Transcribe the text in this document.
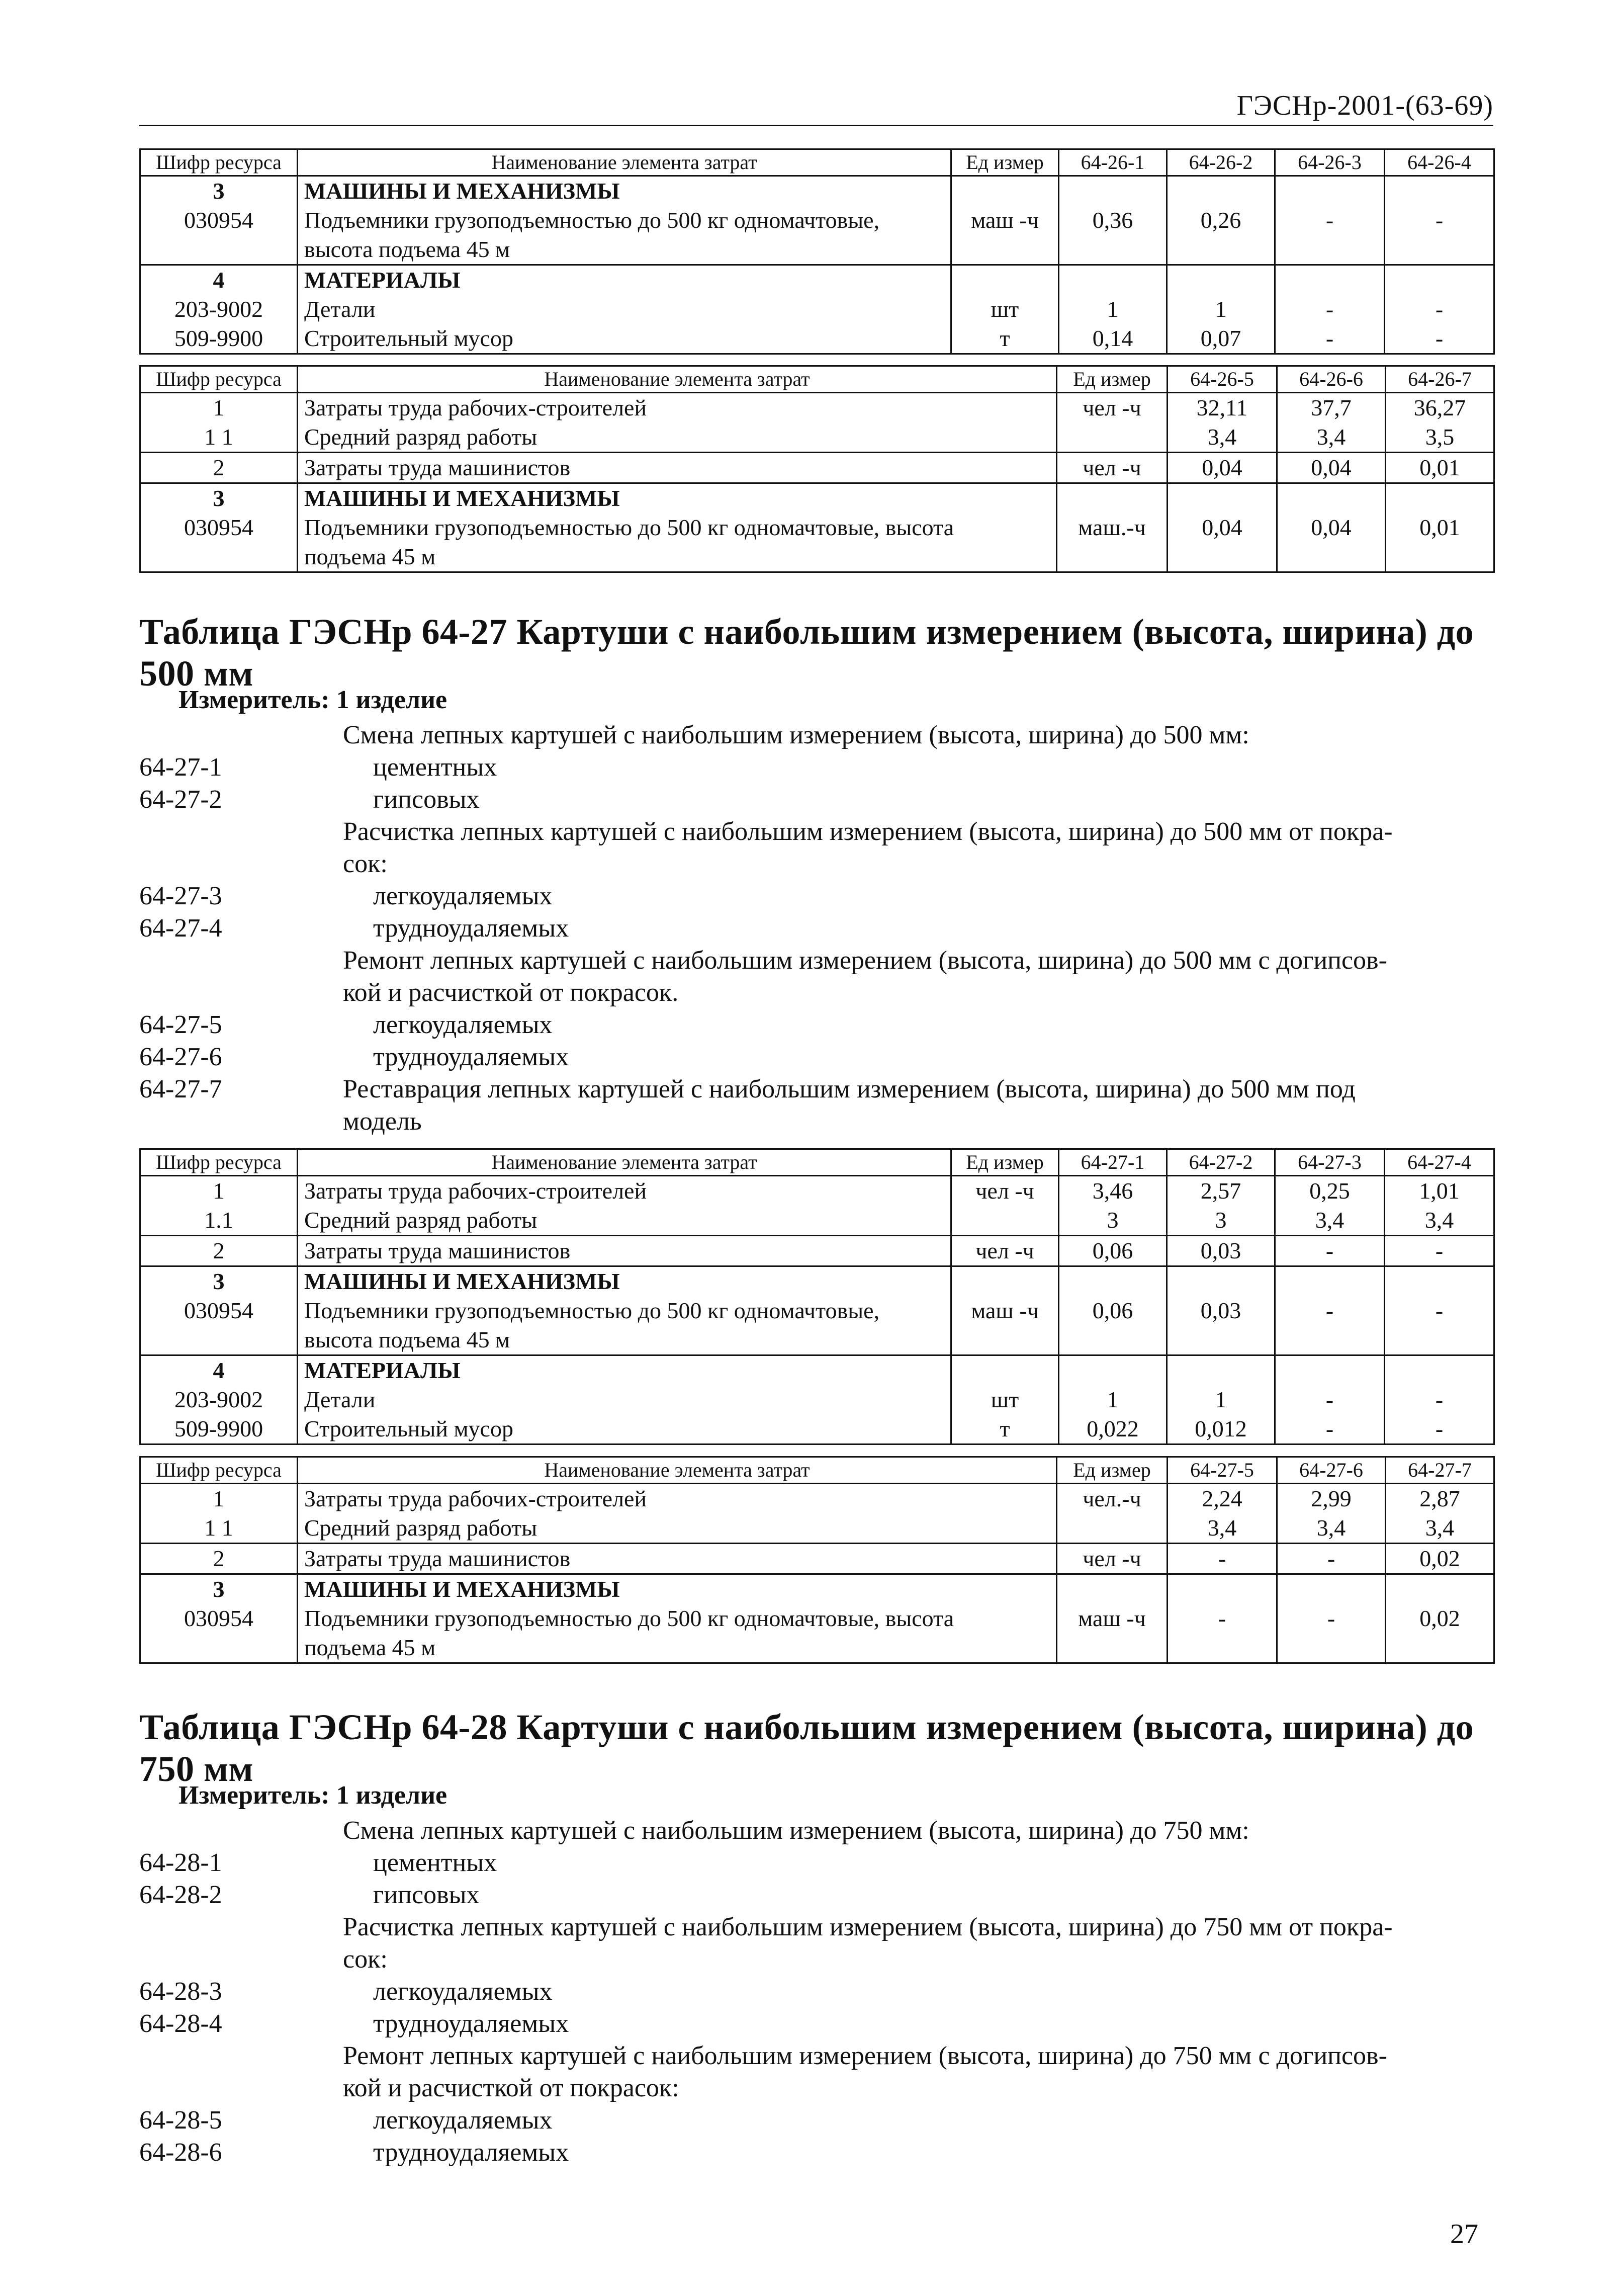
ГЭСНр-2001-(63-69)
Шифр ресурса	Наименование элемента затрат	Ед измер	64-26-1	64-26-2	64-26-3	64-26-4
3	МАШИНЫ И МЕХАНИЗМЫ					
030954	Подъемники грузоподъемностью до 500 кг одномачтовые,	маш -ч	0,36	0,26	-	-
	высота подъема 45 м					
4	МАТЕРИАЛЫ					
203-9002	Детали	шт	1	1	-	-
509-9900	Строительный мусор	т	0,14	0,07	-	-
Шифр ресурса	Наименование элемента затрат	Ед измер	64-26-5	64-26-6	64-26-7
1	Затраты труда рабочих-строителей	чел -ч	32,11	37,7	36,27
1 1	Средний разряд работы		3,4	3,4	3,5
2	Затраты труда машинистов	чел -ч	0,04	0,04	0,01
3	МАШИНЫ И МЕХАНИЗМЫ				
030954	Подъемники грузоподъемностью до 500 кг одномачтовые, высота	маш.-ч	0,04	0,04	0,01
	подъема 45 м				
Таблица ГЭСНр 64-27 Картуши с наибольшим измерением (высота, ширина) до 500 мм
Измеритель: 1 изделие
Смена лепных картушей с наибольшим измерением (высота, ширина) до 500 мм:
64-27-1	цементных
64-27-2	гипсовых
Расчистка лепных картушей с наибольшим измерением (высота, ширина) до 500 мм от покра-
сок:
64-27-3	легкоудаляемых
64-27-4	трудноудаляемых
Ремонт лепных картушей с наибольшим измерением (высота, ширина) до 500 мм с догипсов-
кой и расчисткой от покрасок.
64-27-5	легкоудаляемых
64-27-6	трудноудаляемых
64-27-7	Реставрация лепных картушей с наибольшим измерением (высота, ширина) до 500 мм под
модель
Шифр ресурса	Наименование элемента затрат	Ед измер	64-27-1	64-27-2	64-27-3	64-27-4
1	Затраты труда рабочих-строителей	чел -ч	3,46	2,57	0,25	1,01
1.1	Средний разряд работы		3	3	3,4	3,4
2	Затраты труда машинистов	чел -ч	0,06	0,03	-	-
3	МАШИНЫ И МЕХАНИЗМЫ					
030954	Подъемники грузоподъемностью до 500 кг одномачтовые,	маш -ч	0,06	0,03	-	-
	высота подъема 45 м					
4	МАТЕРИАЛЫ					
203-9002	Детали	шт	1	1	-	-
509-9900	Строительный мусор	т	0,022	0,012	-	-
Шифр ресурса	Наименование элемента затрат	Ед измер	64-27-5	64-27-6	64-27-7
1	Затраты труда рабочих-строителей	чел.-ч	2,24	2,99	2,87
1 1	Средний разряд работы		3,4	3,4	3,4
2	Затраты труда машинистов	чел -ч	-	-	0,02
3	МАШИНЫ И МЕХАНИЗМЫ				
030954	Подъемники грузоподъемностью до 500 кг одномачтовые, высота	маш -ч	-	-	0,02
	подъема 45 м				
Таблица ГЭСНр 64-28 Картуши с наибольшим измерением (высота, ширина) до 750 мм
Измеритель: 1 изделие
Смена лепных картушей с наибольшим измерением (высота, ширина) до 750 мм:
64-28-1	цементных
64-28-2	гипсовых
Расчистка лепных картушей с наибольшим измерением (высота, ширина) до 750 мм от покра-
сок:
64-28-3	легкоудаляемых
64-28-4	трудноудаляемых
Ремонт лепных картушей с наибольшим измерением (высота, ширина) до 750 мм с догипсов-
кой и расчисткой от покрасок:
64-28-5	легкоудаляемых
64-28-6	трудноудаляемых
27
